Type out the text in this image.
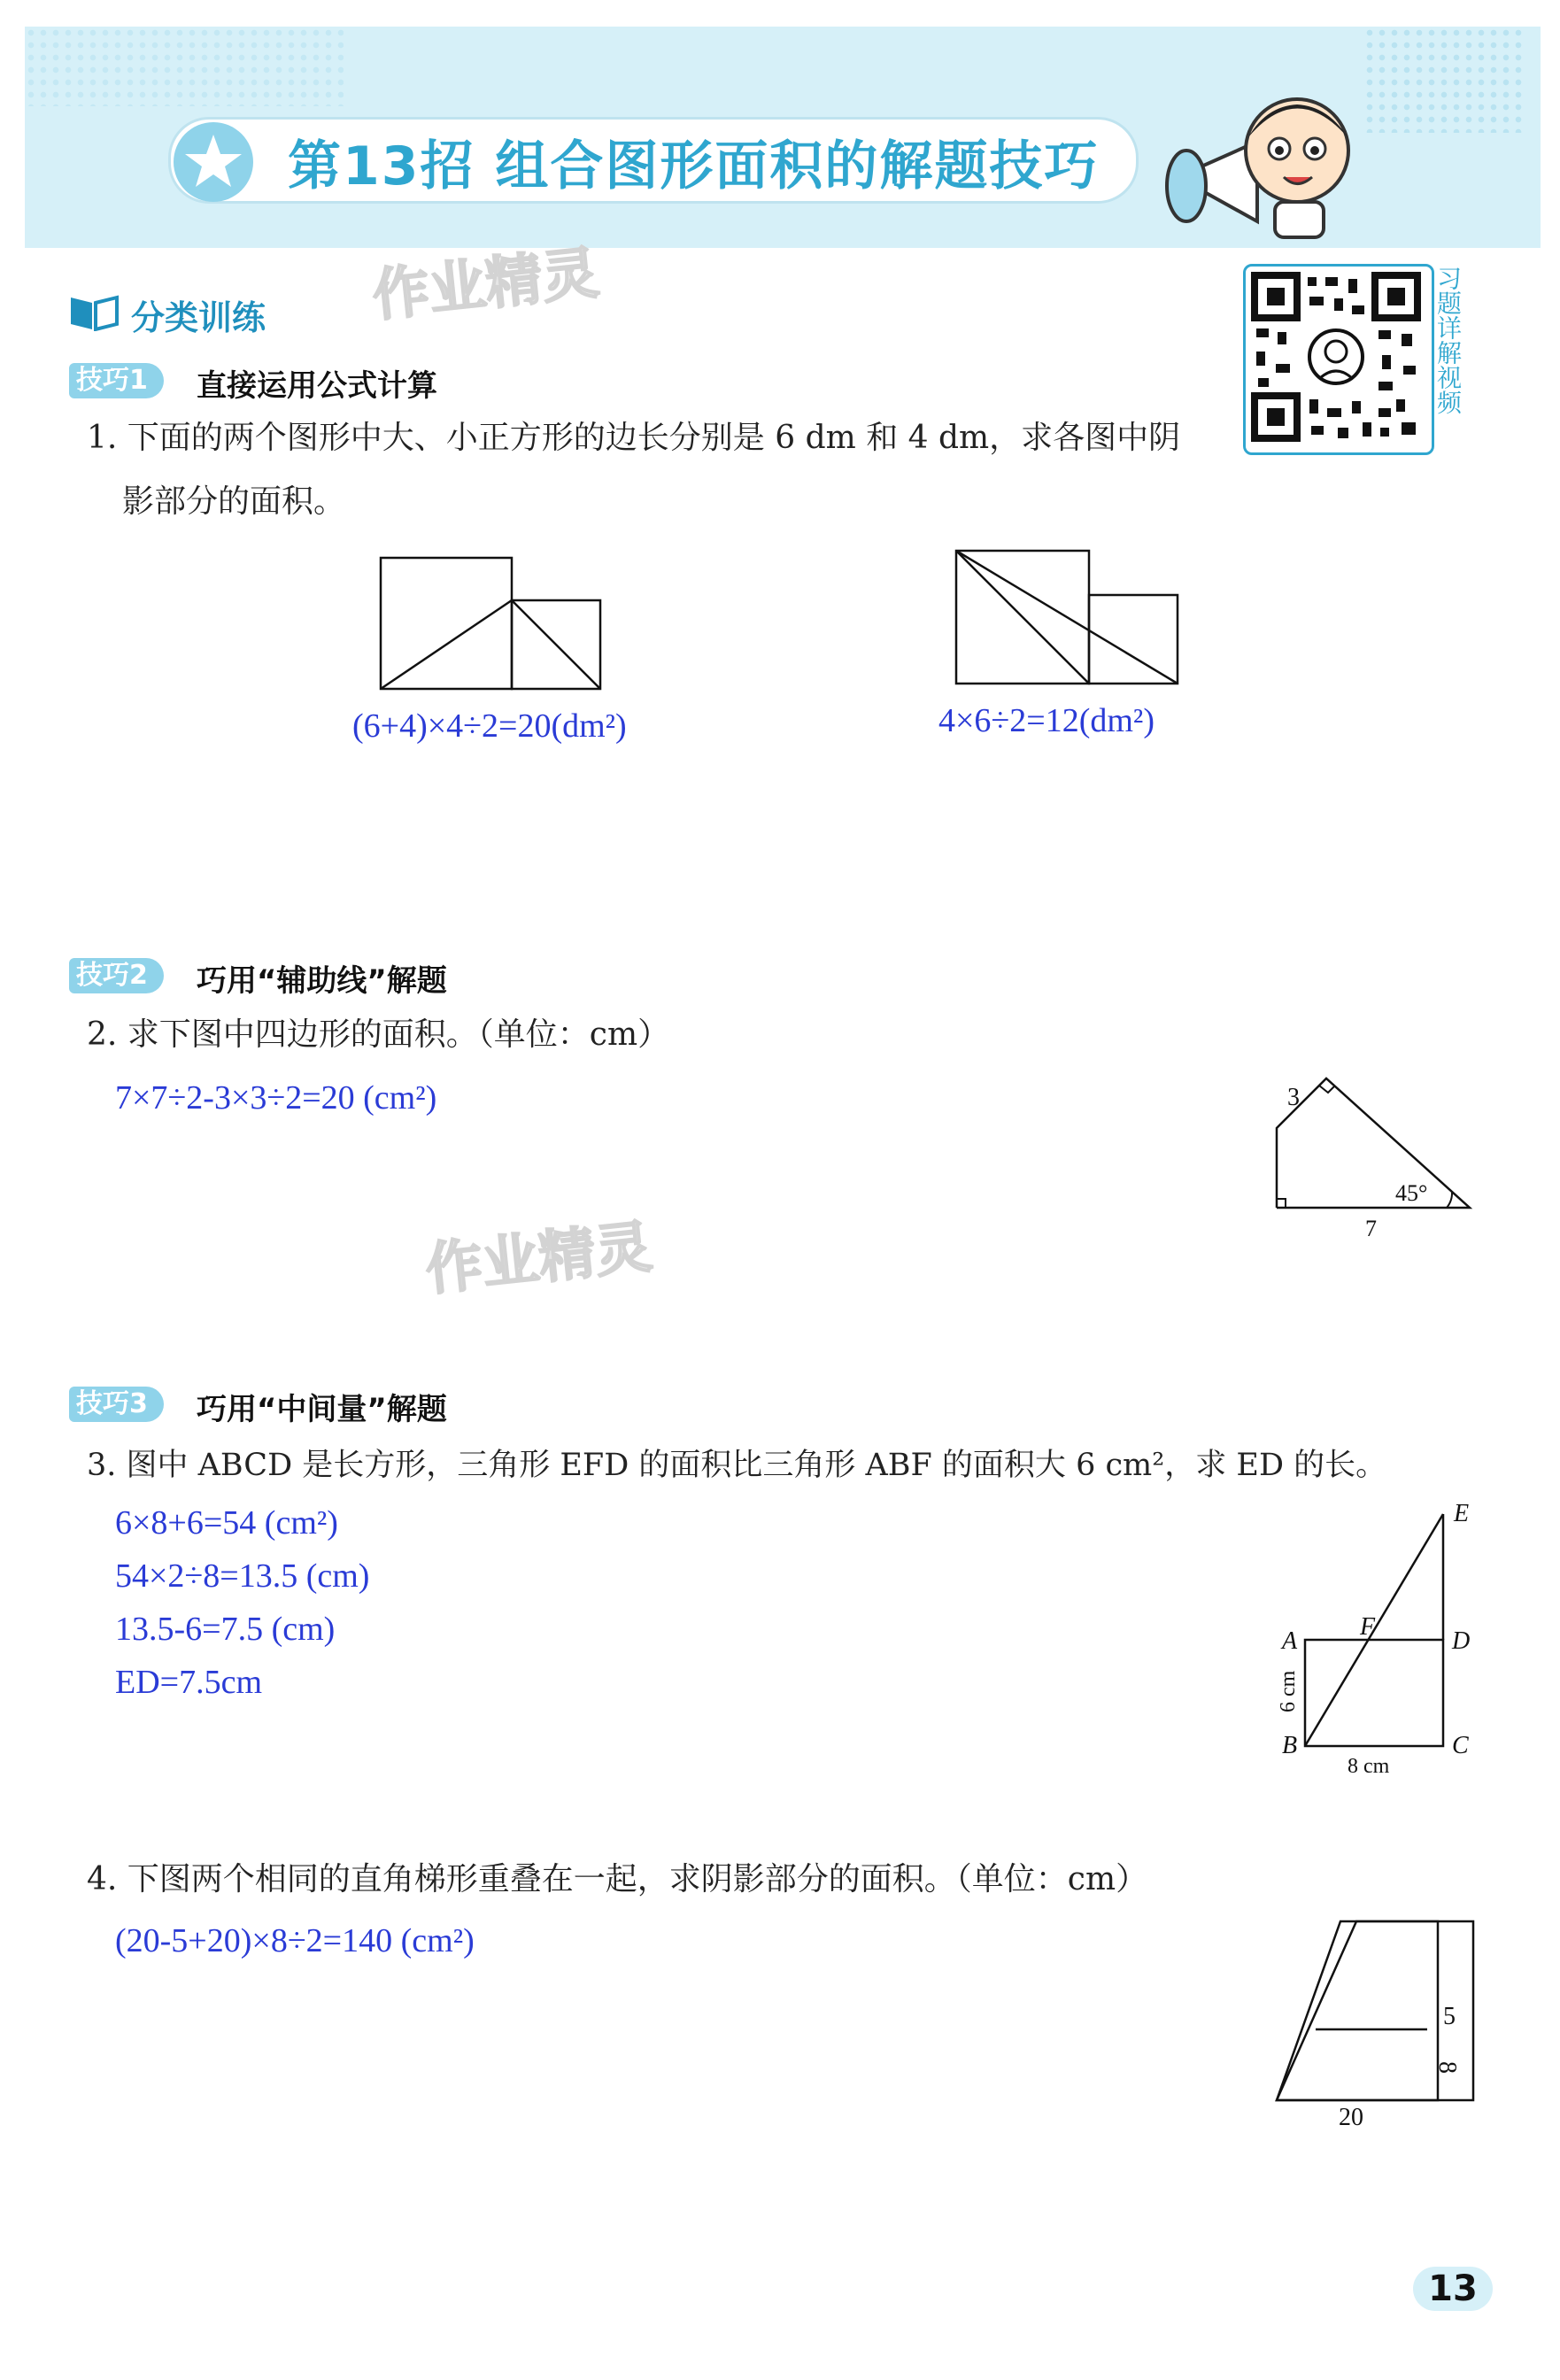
第13招 组合图形面积的解题技巧
作业精灵
作业精灵
分类训练	习题详解视频
技巧1	直接运用公式计算
1. 下面的两个图形中大、小正方形的边长分别是 6 dm 和 4 dm，求各图中阴
影部分的面积。
(6+4)×4÷2=20(dm²)	4×6÷2=12(dm²)
技巧2	巧用“辅助线”解题
2. 求下图中四边形的面积。（单位：cm）
7×7÷2-3×3÷2=20 (cm²)	3
45°
7
技巧3	巧用“中间量”解题
3. 图中 ABCD 是长方形，三角形 EFD 的面积比三角形 ABF 的面积大 6 cm²，求 ED 的长。
6×8+6=54 (cm²)
54×2÷8=13.5 (cm)
13.5-6=7.5 (cm)
ED=7.5cm
E
F
A	D
B	C
6 cm
8 cm
4. 下图两个相同的直角梯形重叠在一起，求阴影部分的面积。（单位：cm）
(20-5+20)×8÷2=140 (cm²)
5
8
20
13
